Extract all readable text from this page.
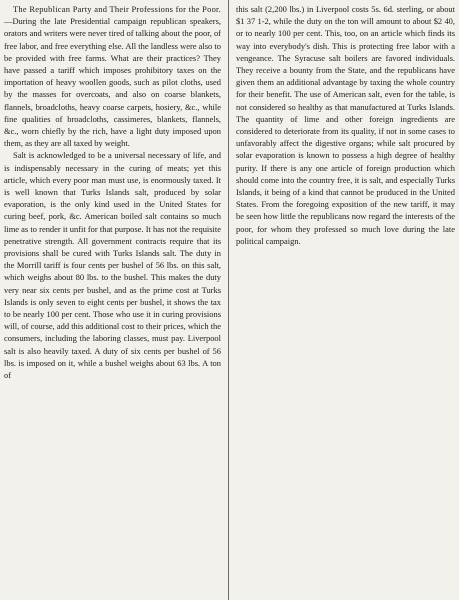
The Republican Party and Their Professions for the Poor.—During the late Presidential campaign republican speakers, orators and writers were never tired of talking about the poor, of free labor, and free everything else. All the landless were also to be provided with free farms. What are their practices? They have passed a tariff which imposes prohibitory taxes on the importation of heavy woollen goods, such as pilot cloths, used by the masses for overcoats, and also on coarse blankets, flannels, broadcloths, heavy coarse carpets, hosiery, &c., while fine qualities of broadcloths, cassimeres, blankets, flannels, &c., worn chiefly by the rich, have a light duty imposed upon them, as they are all taxed by weight.

Salt is acknowledged to be a universal necessary of life, and is indispensably necessary in the curing of meats; yet this article, which every poor man must use, is enormously taxed. It is well known that Turks Islands salt, produced by solar evaporation, is the only kind used in the United States for curing beef, pork, &c. American boiled salt contains so much lime as to render it unfit for that purpose. It has not the requisite penetrative strength. All government contracts require that its provisions shall be cured with Turks Islands salt. The duty in the Morrill tariff is four cents per bushel of 56 lbs. on this salt, which weighs about 80 lbs. to the bushel. This makes the duty very near six cents per bushel, and as the prime cost at Turks Islands is only seven to eight cents per bushel, it shows the tax to be nearly 100 per cent. Those who use it in curing provisions will, of course, add this additional cost to their prices, which the consumers, including the laboring classes, must pay. Liverpool salt is also heavily taxed. A duty of six cents per bushel of 56 lbs. is imposed on it, while a bushel weighs about 63 lbs. A ton of

this salt (2,200 lbs.) in Liverpool costs 5s. 6d. sterling, or about $1 37 1-2, while the duty on the ton will amount to about $2 40, or to nearly 100 per cent. This, too, on an article which finds its way into everybody's dish. This is protecting free labor with a vengeance. The Syracuse salt boilers are favored individuals. They receive a bounty from the State, and the republicans have given them an additional advantage by taxing the whole country for their benefit. The use of American salt, even for the table, is not considered so healthy as that manufactured at Turks Islands. The quantity of lime and other foreign ingredients are considered to deteriorate from its quality, if not in some cases to unfavorably affect the digestive organs; while salt procured by solar evaporation is known to possess a high degree of healthy purity. If there is any one article of foreign production which should come into the country free, it is salt, and especially Turks Islands, it being of a kind that cannot be produced in the United States. From the foregoing exposition of the new tariff, it may be seen how little the republicans now regard the interests of the poor, for whom they professed so much love during the late political campaign.
